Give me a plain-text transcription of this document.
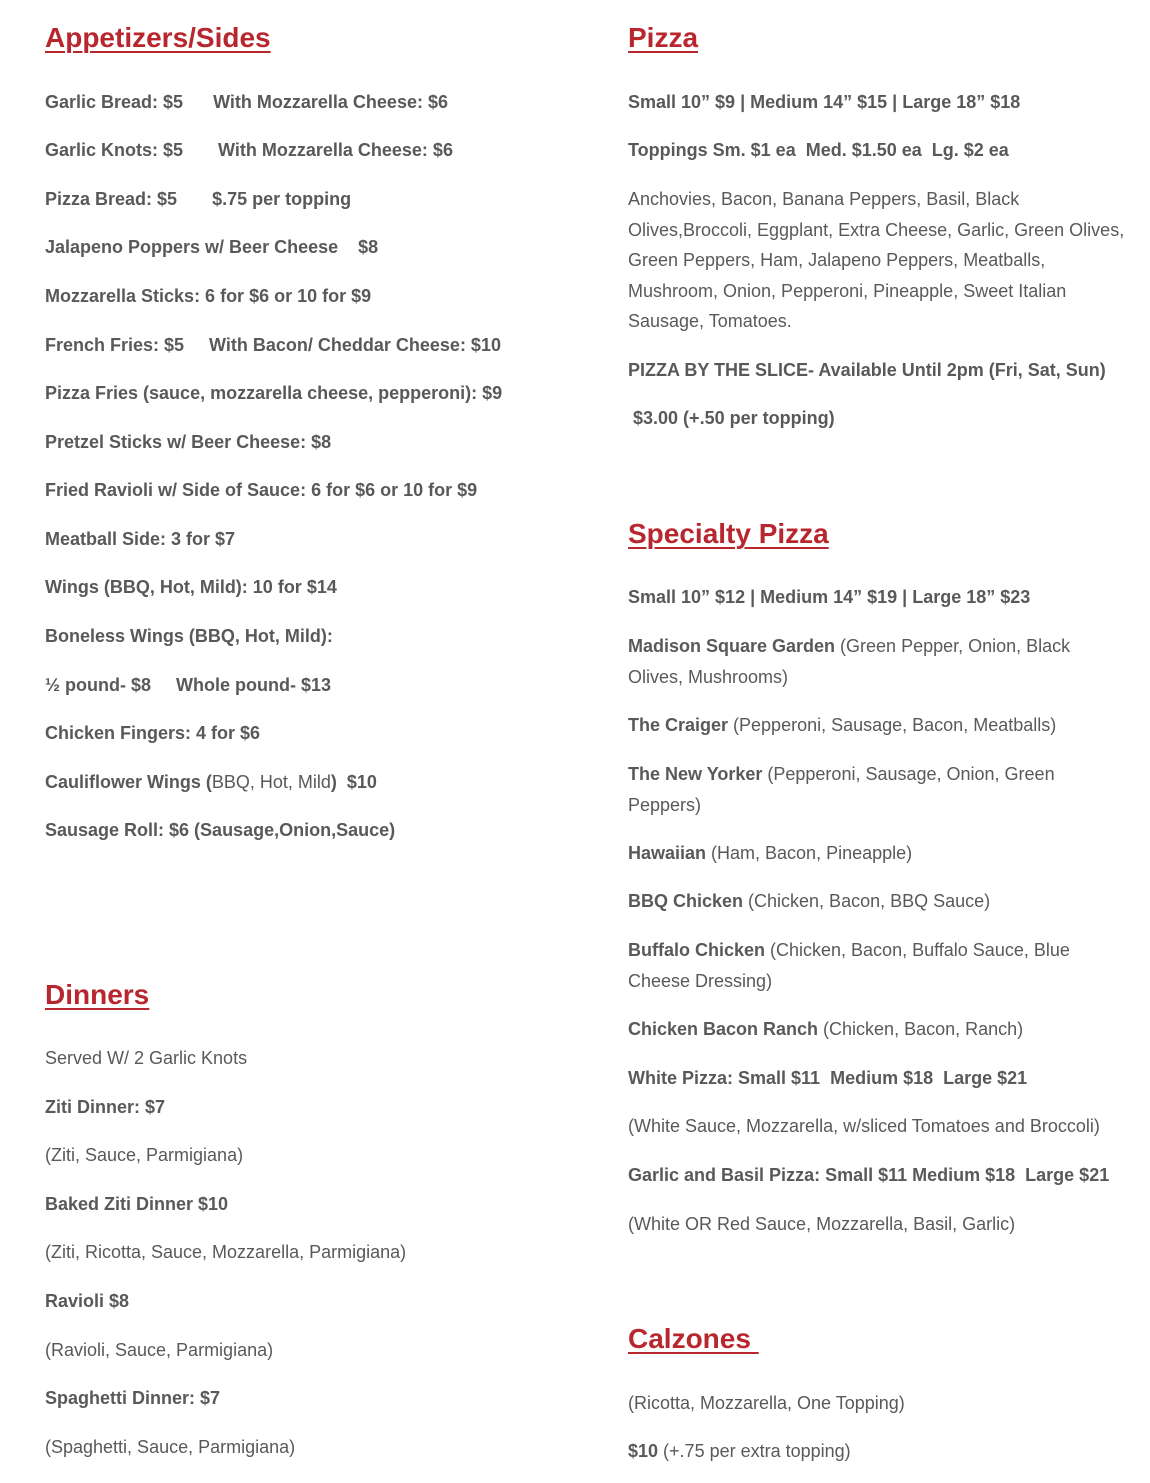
Appetizers/Sides

Garlic Bread: $5      With Mozzarella Cheese: $6

Garlic Knots: $5       With Mozzarella Cheese: $6

Pizza Bread: $5       $.75 per topping

Jalapeno Poppers w/ Beer Cheese    $8

Mozzarella Sticks: 6 for $6 or 10 for $9

French Fries: $5     With Bacon/ Cheddar Cheese: $10

Pizza Fries (sauce, mozzarella cheese, pepperoni): $9

Pretzel Sticks w/ Beer Cheese: $8

Fried Ravioli w/ Side of Sauce: 6 for $6 or 10 for $9

Meatball Side: 3 for $7

Wings (BBQ, Hot, Mild): 10 for $14

Boneless Wings (BBQ, Hot, Mild):

½ pound- $8     Whole pound- $13

Chicken Fingers: 4 for $6

Cauliflower Wings (BBQ, Hot, Mild)  $10

Sausage Roll: $6 (Sausage,Onion,Sauce)

Dinners

Served W/ 2 Garlic Knots

Ziti Dinner: $7

(Ziti, Sauce, Parmigiana)

Baked Ziti Dinner $10

(Ziti, Ricotta, Sauce, Mozzarella, Parmigiana)

Ravioli $8

(Ravioli, Sauce, Parmigiana)

Spaghetti Dinner: $7

(Spaghetti, Sauce, Parmigiana)

Pizza

Small 10” $9 | Medium 14” $15 | Large 18” $18

Toppings Sm. $1 ea  Med. $1.50 ea  Lg. $2 ea

Anchovies, Bacon, Banana Peppers, Basil, Black Olives,Broccoli, Eggplant, Extra Cheese, Garlic, Green Olives, Green Peppers, Ham, Jalapeno Peppers, Meatballs, Mushroom, Onion, Pepperoni, Pineapple, Sweet Italian Sausage, Tomatoes.

PIZZA BY THE SLICE- Available Until 2pm (Fri, Sat, Sun)

$3.00 (+.50 per topping)

Specialty Pizza

Small 10” $12 | Medium 14” $19 | Large 18” $23

Madison Square Garden (Green Pepper, Onion, Black Olives, Mushrooms)

The Craiger (Pepperoni, Sausage, Bacon, Meatballs)

The New Yorker (Pepperoni, Sausage, Onion, Green Peppers)

Hawaiian (Ham, Bacon, Pineapple)

BBQ Chicken (Chicken, Bacon, BBQ Sauce)

Buffalo Chicken (Chicken, Bacon, Buffalo Sauce, Blue Cheese Dressing)

Chicken Bacon Ranch (Chicken, Bacon, Ranch)

White Pizza: Small $11  Medium $18  Large $21

(White Sauce, Mozzarella, w/sliced Tomatoes and Broccoli)

Garlic and Basil Pizza: Small $11 Medium $18  Large $21

(White OR Red Sauce, Mozzarella, Basil, Garlic)

Calzones

(Ricotta, Mozzarella, One Topping)

$10 (+.75 per extra topping)
